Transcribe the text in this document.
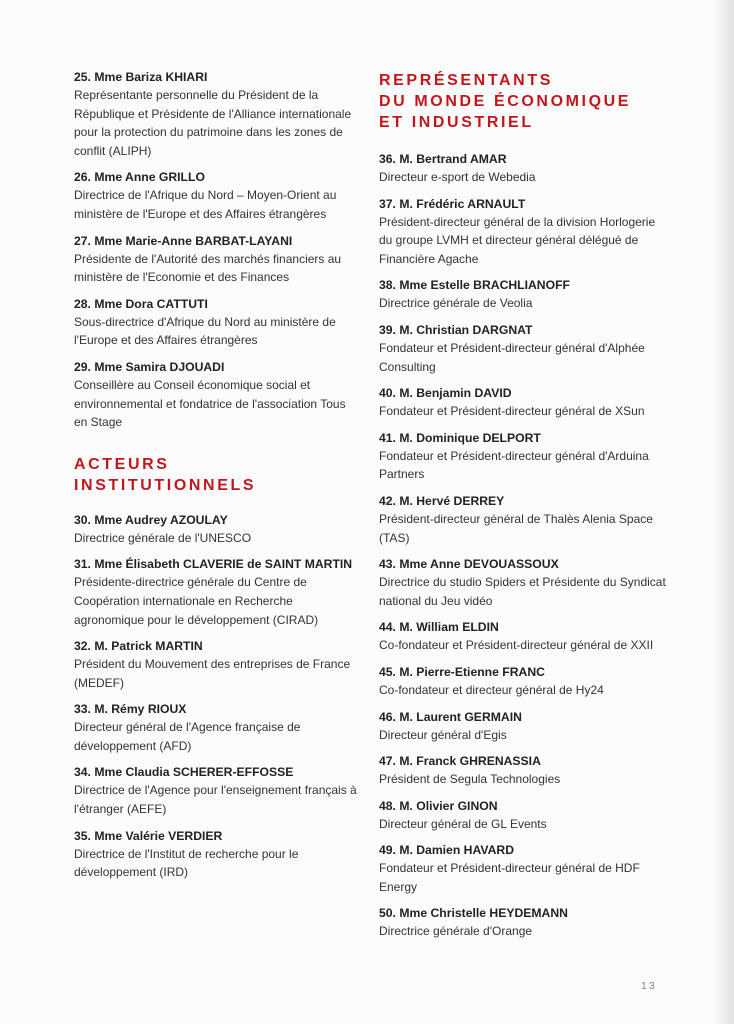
25. Mme Bariza KHIARI
Représentante personnelle du Président de la République et Présidente de l'Alliance internationale pour la protection du patrimoine dans les zones de conflit (ALIPH)
26. Mme Anne GRILLO
Directrice de l'Afrique du Nord – Moyen-Orient au ministère de l'Europe et des Affaires étrangères
27. Mme Marie-Anne BARBAT-LAYANI
Présidente de l'Autorité des marchés financiers au ministère de l'Economie et des Finances
28. Mme Dora CATTUTI
Sous-directrice d'Afrique du Nord au ministère de l'Europe et des Affaires étrangères
29. Mme Samira DJOUADI
Conseillère au Conseil économique social et environnemental et fondatrice de l'association Tous en Stage
ACTEURS
INSTITUTIONNELS
30. Mme Audrey AZOULAY
Directrice générale de l'UNESCO
31. Mme Élisabeth CLAVERIE de SAINT MARTIN
Présidente-directrice générale du Centre de Coopération internationale en Recherche agronomique pour le développement (CIRAD)
32. M. Patrick MARTIN
Président du Mouvement des entreprises de France (MEDEF)
33. M. Rémy RIOUX
Directeur général de l'Agence française de développement (AFD)
34. Mme Claudia SCHERER-EFFOSSE
Directrice de l'Agence pour l'enseignement français à l'étranger (AEFE)
35. Mme Valérie VERDIER
Directrice de l'Institut de recherche pour le développement (IRD)
REPRÉSENTANTS
DU MONDE ÉCONOMIQUE
ET INDUSTRIEL
36. M. Bertrand AMAR
Directeur e-sport de Webedia
37. M. Frédéric ARNAULT
Président-directeur général de la division Horlogerie du groupe LVMH et directeur général délégué de Financière Agache
38. Mme Estelle BRACHLIANOFF
Directrice générale de Veolia
39. M. Christian DARGNAT
Fondateur et Président-directeur général d'Alphée Consulting
40. M. Benjamin DAVID
Fondateur et Président-directeur général de XSun
41. M. Dominique DELPORT
Fondateur et Président-directeur général d'Arduina Partners
42. M. Hervé DERREY
Président-directeur général de Thalès Alenia Space (TAS)
43. Mme Anne DEVOUASSOUX
Directrice du studio Spiders et Présidente du Syndicat national du Jeu vidéo
44. M. William ELDIN
Co-fondateur et Président-directeur général de XXII
45. M. Pierre-Etienne FRANC
Co-fondateur et directeur général de Hy24
46. M. Laurent GERMAIN
Directeur général d'Egis
47. M. Franck GHRENASSIA
Président de Segula Technologies
48. M. Olivier GINON
Directeur général de GL Events
49. M. Damien HAVARD
Fondateur et Président-directeur général de HDF Energy
50. Mme Christelle HEYDEMANN
Directrice générale d'Orange
13
